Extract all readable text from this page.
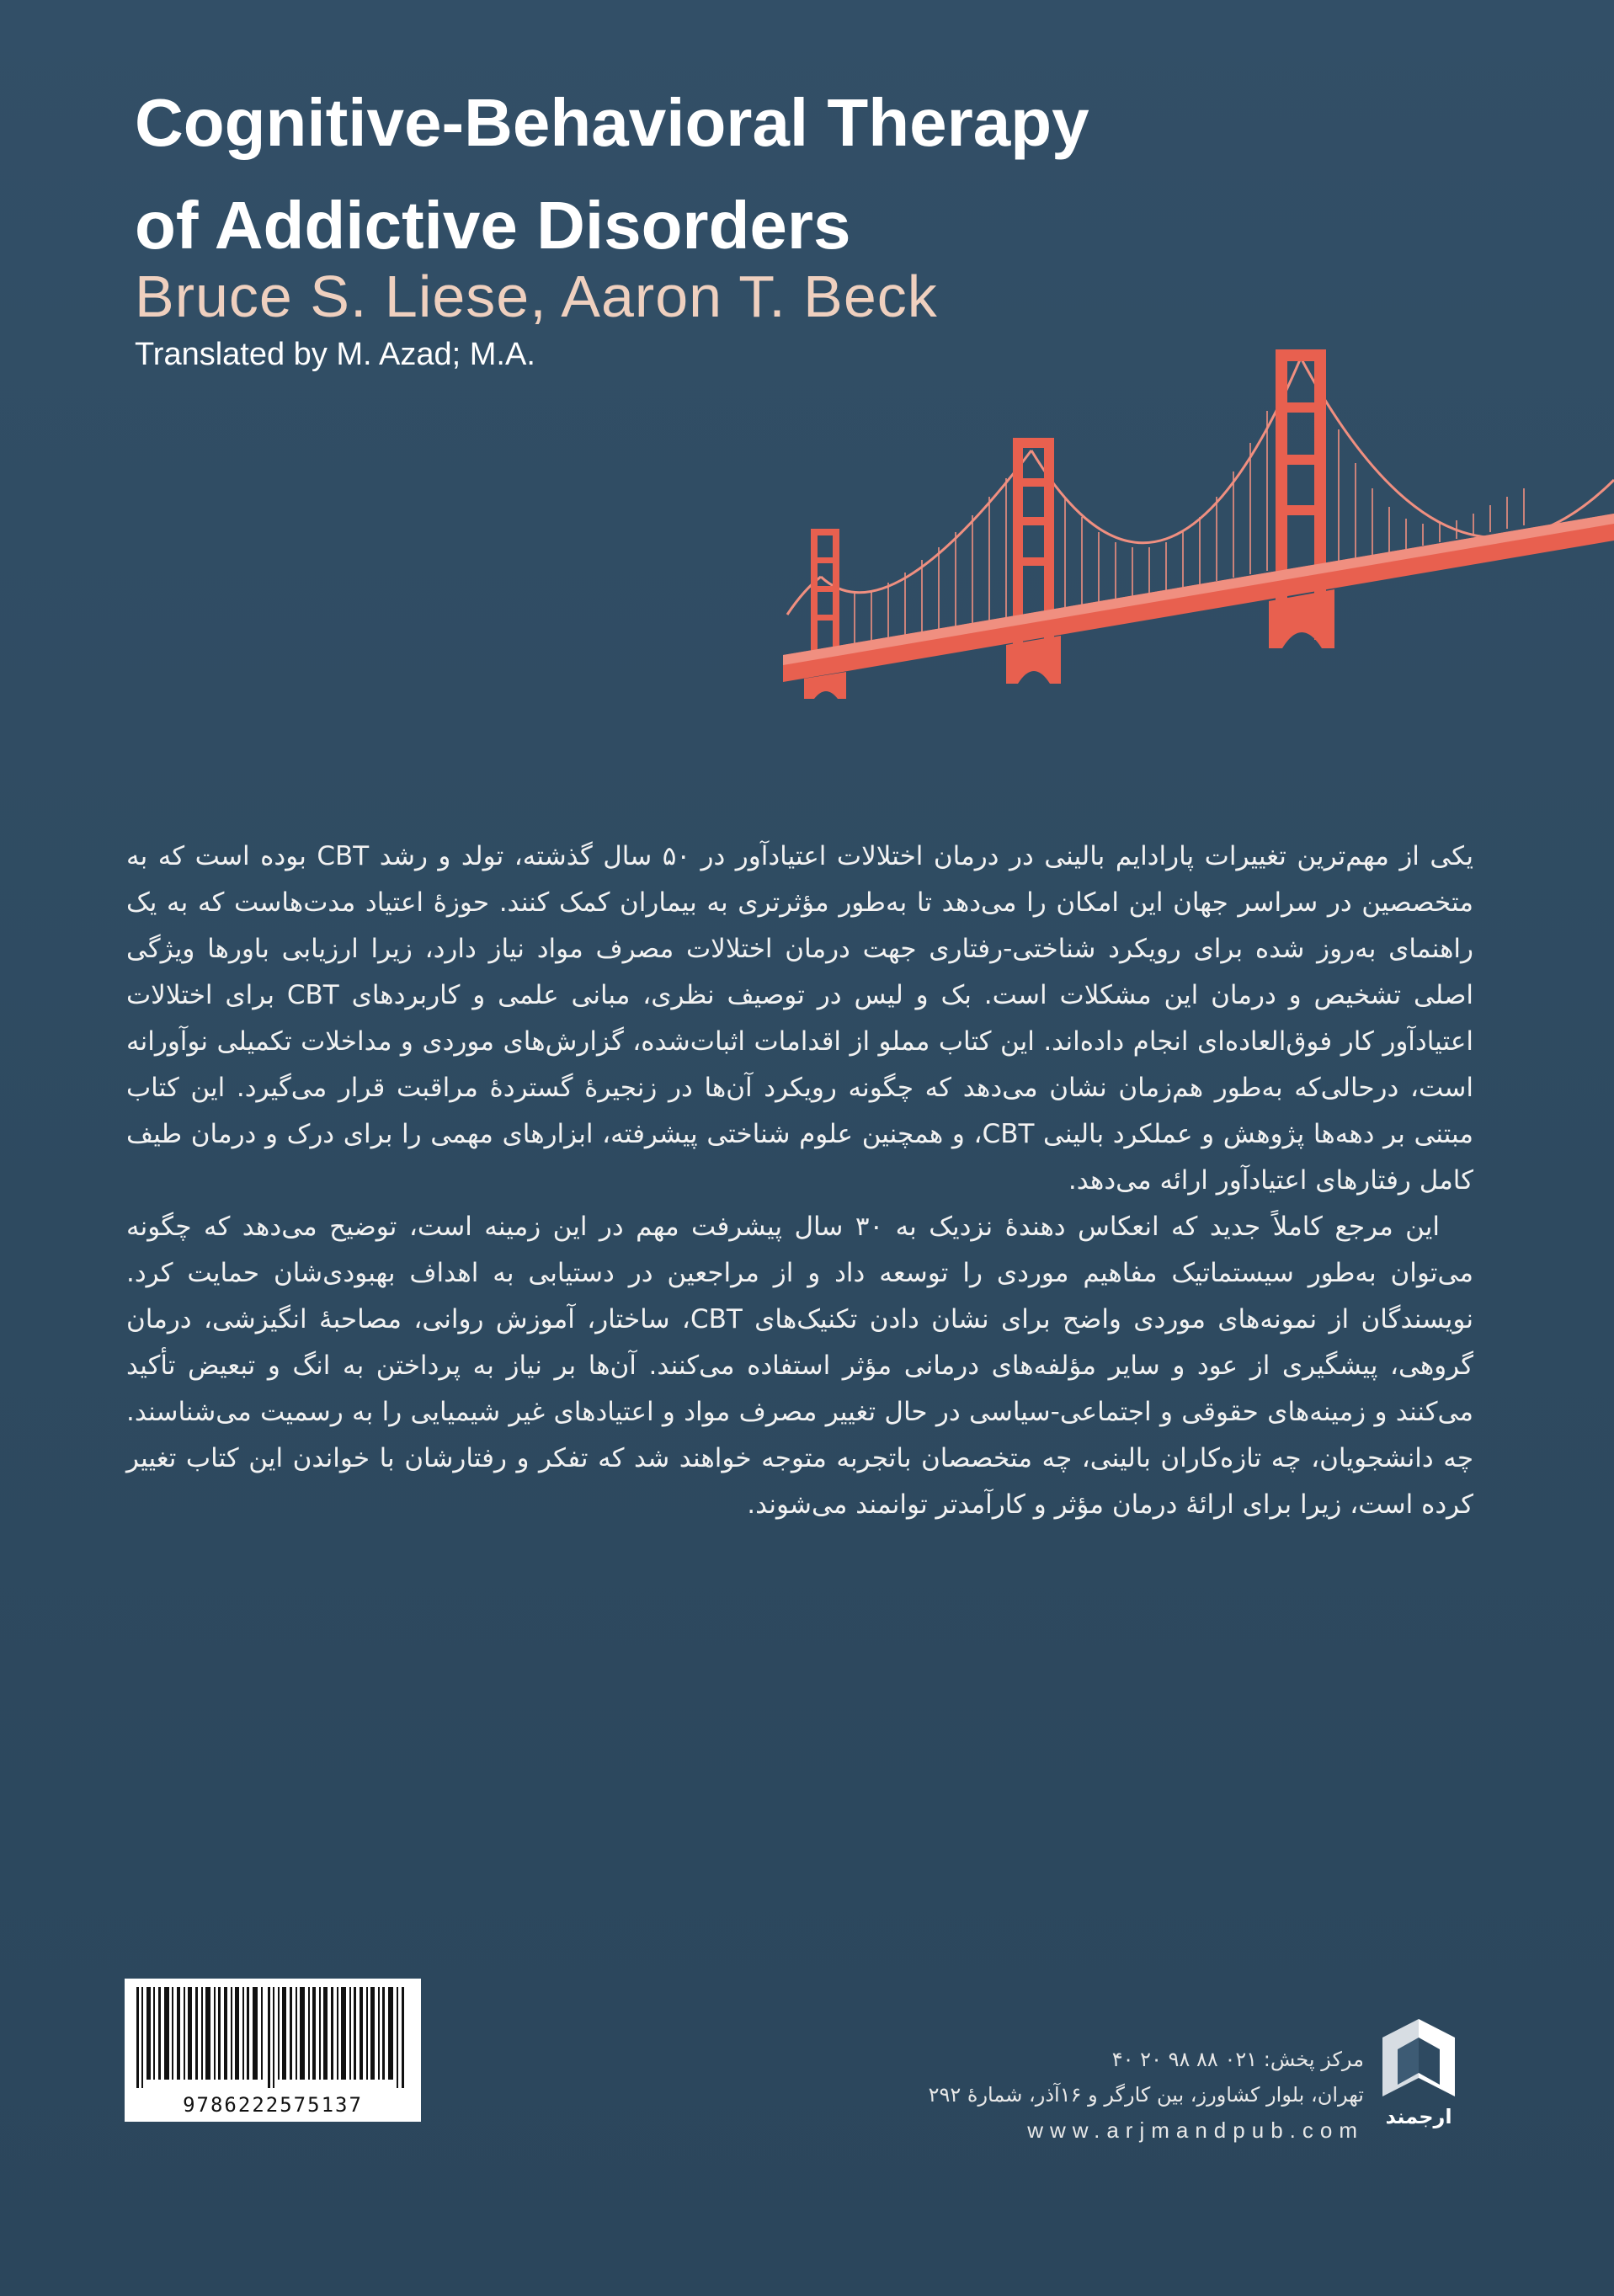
Cognitive-Behavioral Therapy
of Addictive Disorders
Bruce S. Liese, Aaron T. Beck
Translated by M. Azad; M.A.

یکی از مهم‌ترین تغییرات پارادایم بالینی در درمان اختلالات اعتیادآور در ۵۰ سال گذشته، تولد و رشد CBT بوده است که به متخصصین در سراسر جهان این امکان را می‌دهد تا به‌طور مؤثرتری به بیماران کمک کنند. حوزهٔ اعتیاد مدت‌هاست که به یک راهنمای به‌روز شده برای رویکرد شناختی-رفتاری جهت درمان اختلالات مصرف مواد نیاز دارد، زیرا ارزیابی باورها ویژگی اصلی تشخیص و درمان این مشکلات است. بک و لیس در توصیف نظری، مبانی علمی و کاربردهای CBT برای اختلالات اعتیادآور کار فوق‌العاده‌ای انجام داده‌اند. این کتاب مملو از اقدامات اثبات‌شده، گزارش‌های موردی و مداخلات تکمیلی نوآورانه است، درحالی‌که به‌طور هم‌زمان نشان می‌دهد که چگونه رویکرد آن‌ها در زنجیرهٔ گستردهٔ مراقبت قرار می‌گیرد. این کتاب مبتنی بر دهه‌ها پژوهش و عملکرد بالینی CBT، و همچنین علوم شناختی پیشرفته، ابزارهای مهمی را برای درک و درمان طیف کامل رفتارهای اعتیادآور ارائه می‌دهد.

این مرجع کاملاً جدید که انعکاس دهندهٔ نزدیک به ۳۰ سال پیشرفت مهم در این زمینه است، توضیح می‌دهد که چگونه می‌توان به‌طور سیستماتیک مفاهیم موردی را توسعه داد و از مراجعین در دستیابی به اهداف بهبودی‌شان حمایت کرد. نویسندگان از نمونه‌های موردی واضح برای نشان دادن تکنیک‌های CBT، ساختار، آموزش روانی، مصاحبهٔ انگیزشی، درمان گروهی، پیشگیری از عود و سایر مؤلفه‌های درمانی مؤثر استفاده می‌کنند. آن‌ها بر نیاز به پرداختن به انگ و تبعیض تأکید می‌کنند و زمینه‌های حقوقی و اجتماعی-سیاسی در حال تغییر مصرف مواد و اعتیادهای غیر شیمیایی را به رسمیت می‌شناسند. چه دانشجویان، چه تازه‌کاران بالینی، چه متخصصان باتجربه متوجه خواهند شد که تفکر و رفتارشان با خواندن این کتاب تغییر کرده است، زیرا برای ارائهٔ درمان مؤثر و کارآمدتر توانمند می‌شوند.

9786222575137
مرکز پخش: ۰۲۱ ۸۸ ۹۸ ۲۰ ۴۰
تهران، بلوار کشاورز، بین کارگر و ۱۶آذر، شمارهٔ ۲۹۲
www.arjmandpub.com
ارجمند
